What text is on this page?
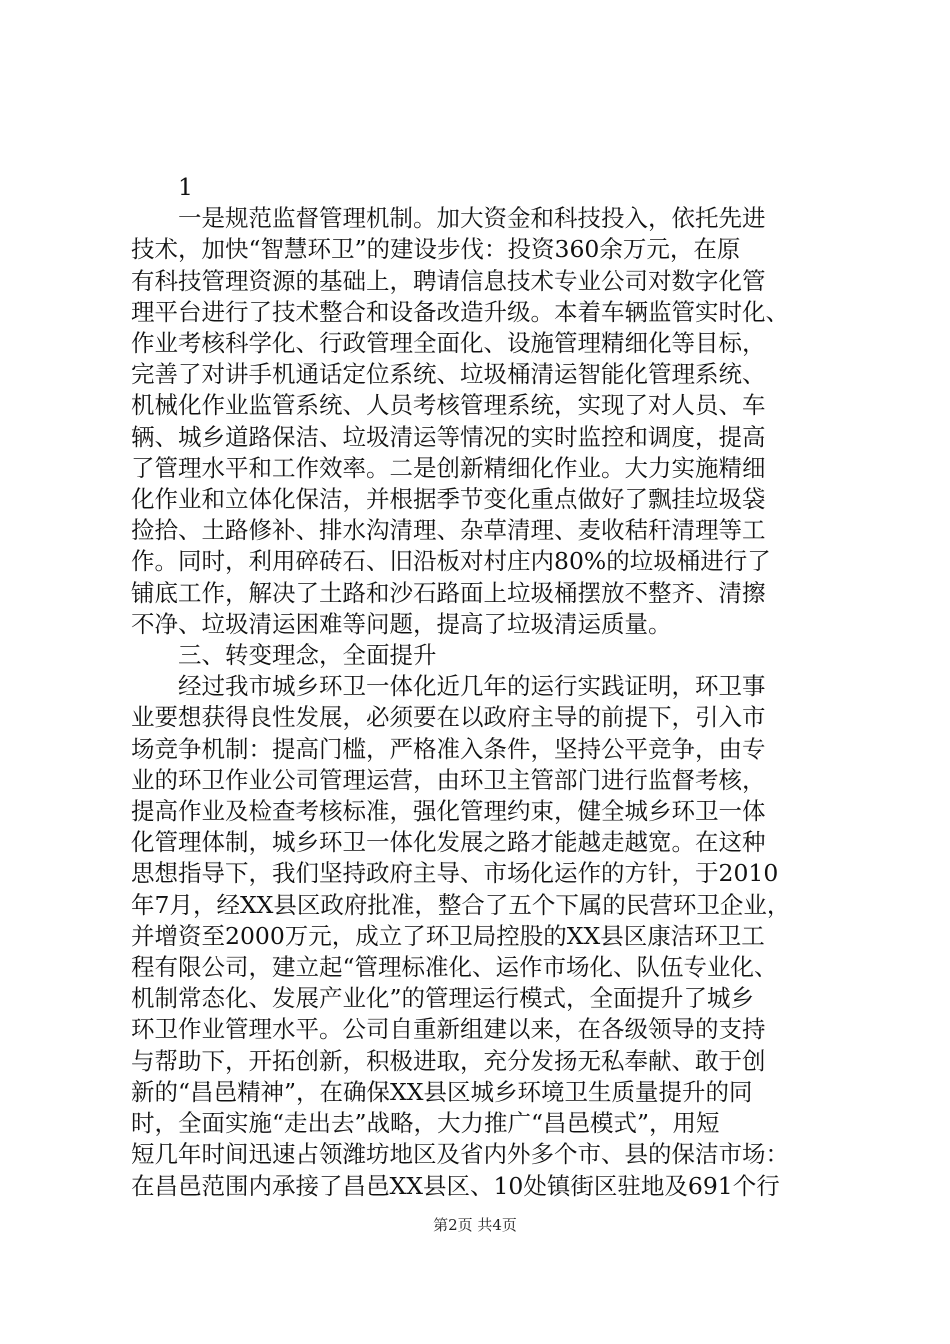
1

一是规范监督管理机制。加大资金和科技投入，依托先进

技术，加快“智慧环卫”的建设步伐：投资360余万元，在原

有科技管理资源的基础上，聘请信息技术专业公司对数字化管

理平台进行了技术整合和设备改造升级。本着车辆监管实时化、

作业考核科学化、行政管理全面化、设施管理精细化等目标，

完善了对讲手机通话定位系统、垃圾桶清运智能化管理系统、

机械化作业监管系统、人员考核管理系统，实现了对人员、车

辆、城乡道路保洁、垃圾清运等情况的实时监控和调度，提高

了管理水平和工作效率。二是创新精细化作业。大力实施精细

化作业和立体化保洁，并根据季节变化重点做好了飘挂垃圾袋

捡拾、土路修补、排水沟清理、杂草清理、麦收秸秆清理等工

作。同时，利用碎砖石、旧沿板对村庄内80%的垃圾桶进行了

铺底工作，解决了土路和沙石路面上垃圾桶摆放不整齐、清擦

不净、垃圾清运困难等问题，提高了垃圾清运质量。

三、转变理念，全面提升

经过我市城乡环卫一体化近几年的运行实践证明，环卫事

业要想获得良性发展，必须要在以政府主导的前提下，引入市

场竞争机制：提高门槛，严格准入条件，坚持公平竞争，由专

业的环卫作业公司管理运营，由环卫主管部门进行监督考核，

提高作业及检查考核标准，强化管理约束，健全城乡环卫一体

化管理体制，城乡环卫一体化发展之路才能越走越宽。在这种

思想指导下，我们坚持政府主导、市场化运作的方针，于2010

年7月，经XX县区政府批准，整合了五个下属的民营环卫企业，

并增资至2000万元，成立了环卫局控股的XX县区康洁环卫工

程有限公司，建立起“管理标准化、运作市场化、队伍专业化、

机制常态化、发展产业化”的管理运行模式，全面提升了城乡

环卫作业管理水平。公司自重新组建以来，在各级领导的支持

与帮助下，开拓创新，积极进取，充分发扬无私奉献、敢于创

新的“昌邑精神”，在确保XX县区城乡环境卫生质量提升的同

时，全面实施“走出去”战略，大力推广“昌邑模式”，用短

短几年时间迅速占领潍坊地区及省内外多个市、县的保洁市场：

在昌邑范围内承接了昌邑XX县区、10处镇街区驻地及691个行

第2页 共4页
